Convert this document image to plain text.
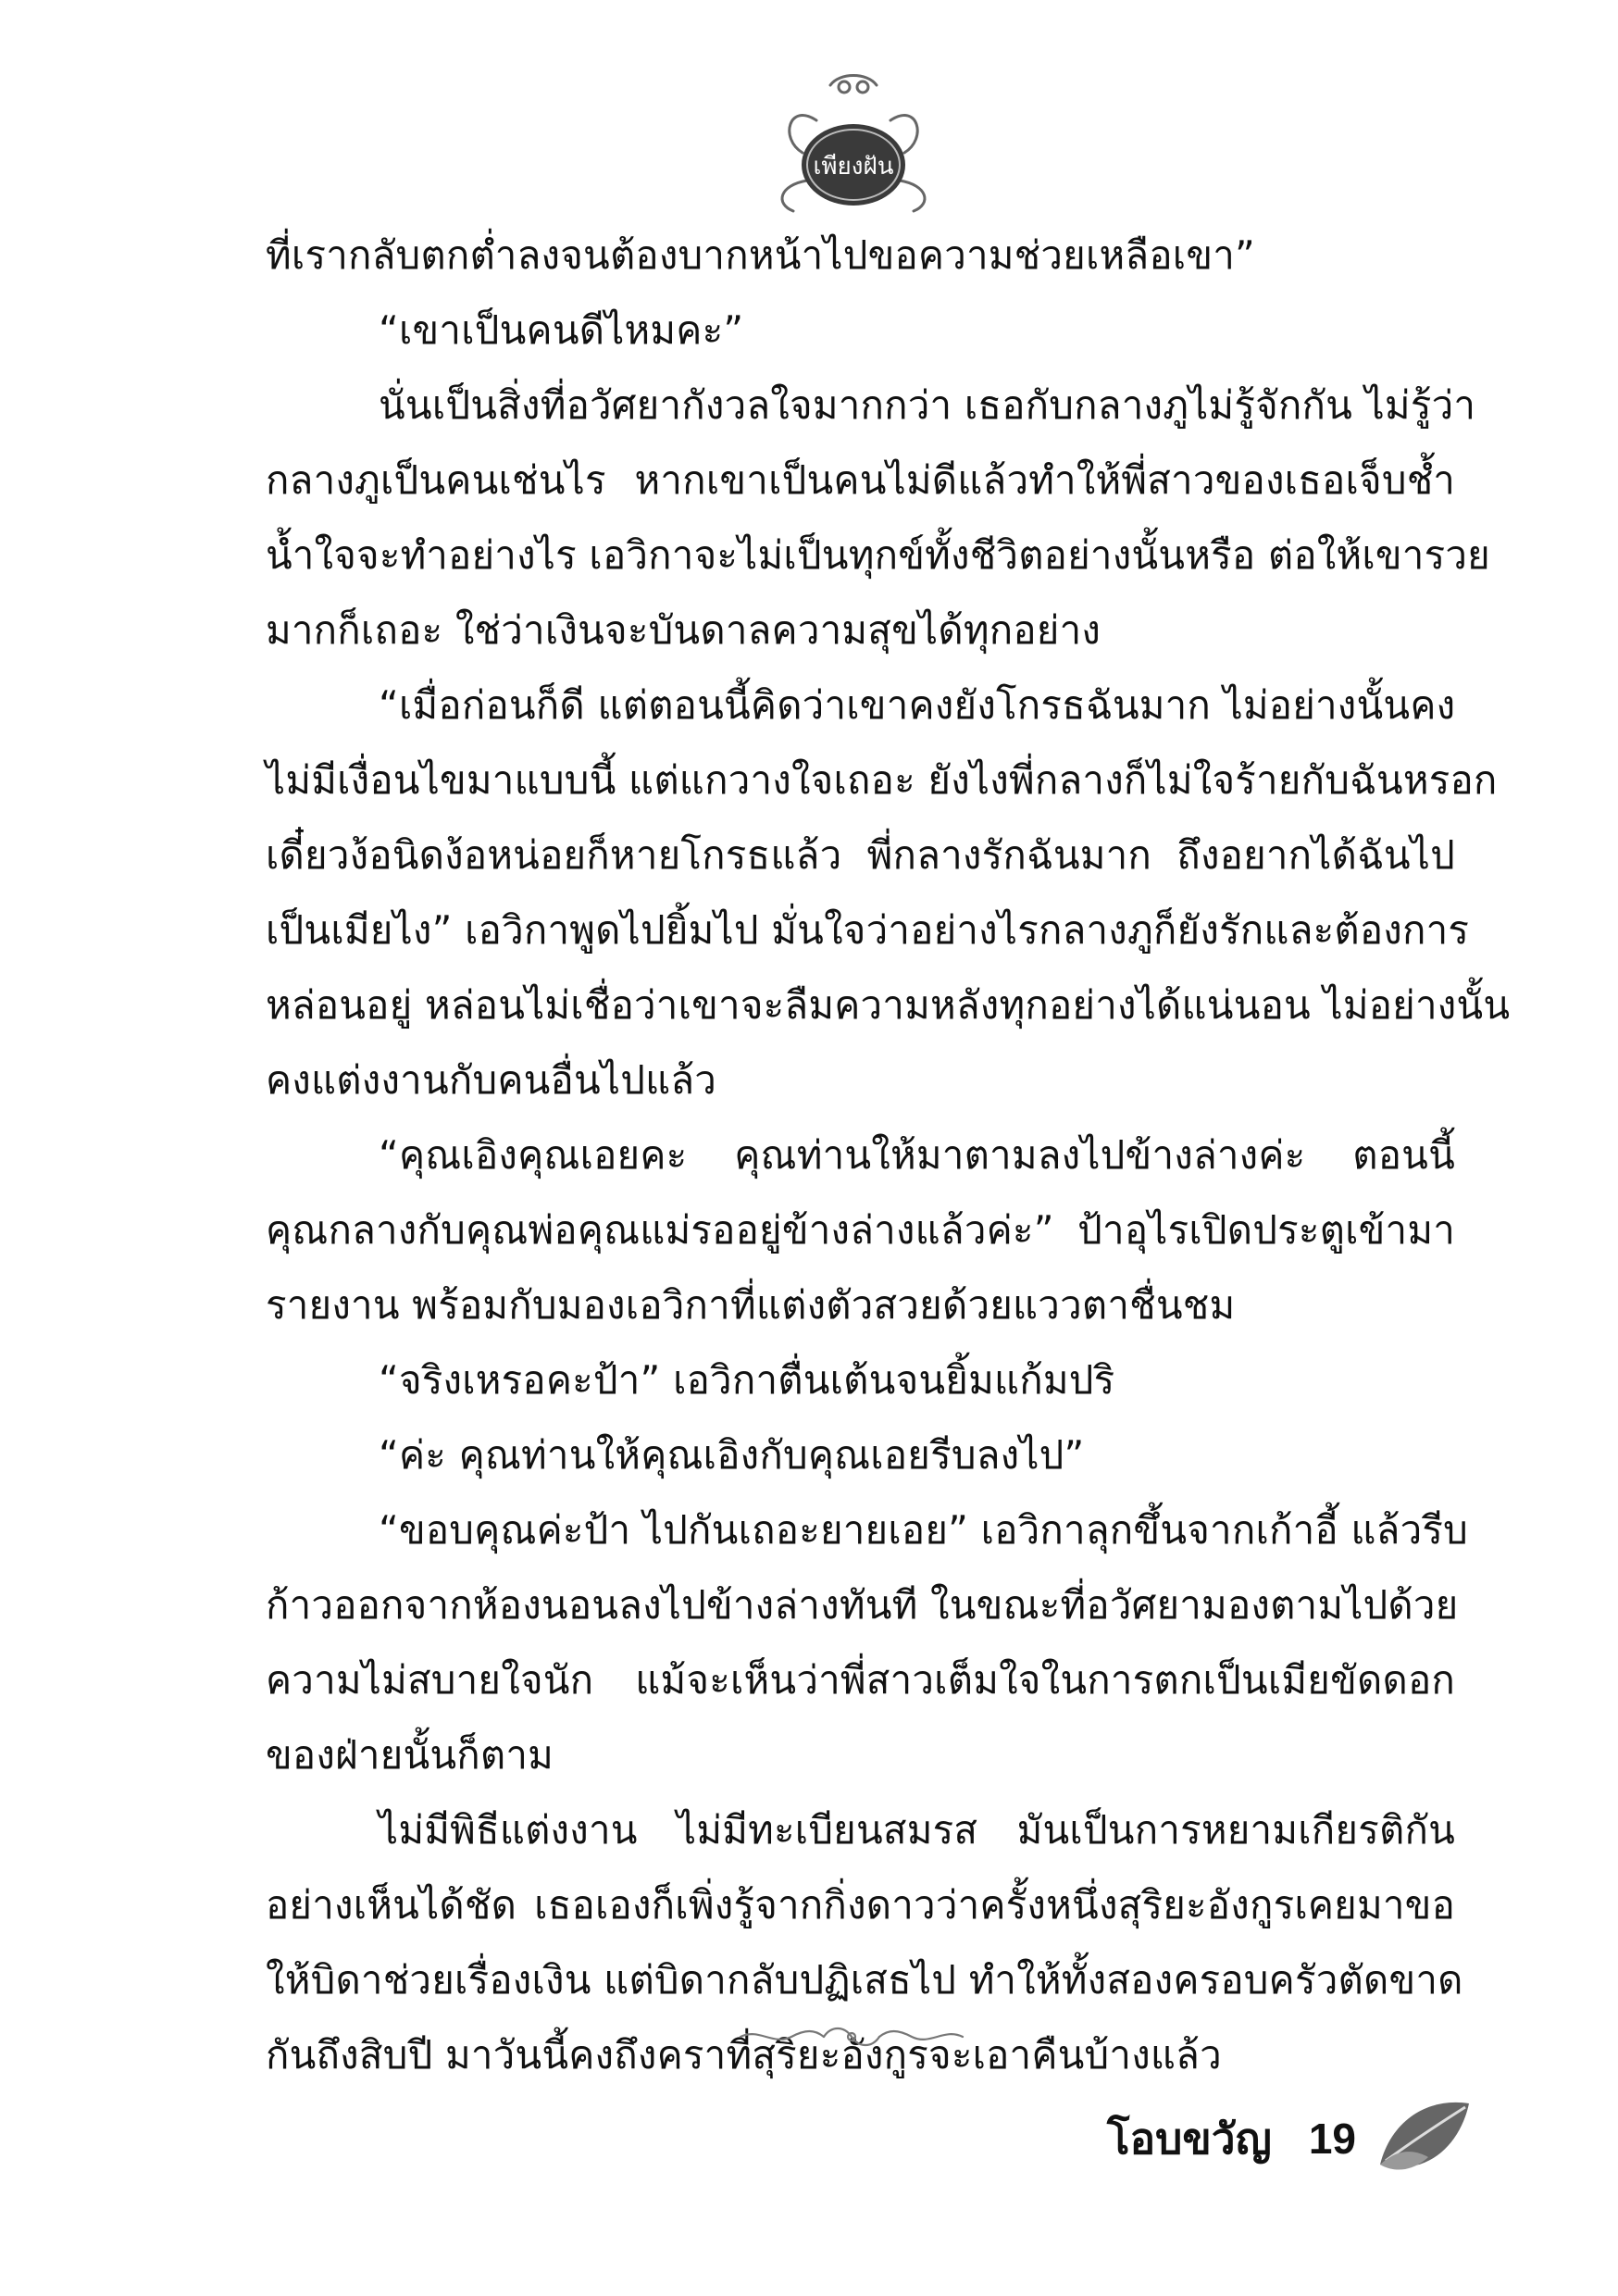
เพียงฝัน
ที่เรากลับตกต่ำลงจนต้องบากหน้าไปขอความช่วยเหลือเขา”
“เขาเป็นคนดีไหมคะ”
นั่นเป็นสิ่งที่อวัศยากังวลใจมากกว่า เธอกับกลางภูไม่รู้จักกัน ไม่รู้ว่า
กลางภูเป็นคนเช่นไร หากเขาเป็นคนไม่ดีแล้วทำให้พี่สาวของเธอเจ็บช้ำ
น้ำใจจะทำอย่างไร เอวิกาจะไม่เป็นทุกข์ทั้งชีวิตอย่างนั้นหรือ ต่อให้เขารวย
มากก็เถอะ ใช่ว่าเงินจะบันดาลความสุขได้ทุกอย่าง
“เมื่อก่อนก็ดี แต่ตอนนี้คิดว่าเขาคงยังโกรธฉันมาก ไม่อย่างนั้นคง
ไม่มีเงื่อนไขมาแบบนี้ แต่แกวางใจเถอะ ยังไงพี่กลางก็ไม่ใจร้ายกับฉันหรอก
เดี๋ยวง้อนิดง้อหน่อยก็หายโกรธแล้ว พี่กลางรักฉันมาก ถึงอยากได้ฉันไป
เป็นเมียไง” เอวิกาพูดไปยิ้มไป มั่นใจว่าอย่างไรกลางภูก็ยังรักและต้องการ
หล่อนอยู่ หล่อนไม่เชื่อว่าเขาจะลืมความหลังทุกอย่างได้แน่นอน ไม่อย่างนั้น
คงแต่งงานกับคนอื่นไปแล้ว
“คุณเอิงคุณเอยคะ คุณท่านให้มาตามลงไปข้างล่างค่ะ ตอนนี้
คุณกลางกับคุณพ่อคุณแม่รออยู่ข้างล่างแล้วค่ะ” ป้าอุไรเปิดประตูเข้ามา
รายงาน พร้อมกับมองเอวิกาที่แต่งตัวสวยด้วยแววตาชื่นชม
“จริงเหรอคะป้า” เอวิกาตื่นเต้นจนยิ้มแก้มปริ
“ค่ะ คุณท่านให้คุณเอิงกับคุณเอยรีบลงไป”
“ขอบคุณค่ะป้า ไปกันเถอะยายเอย” เอวิกาลุกขึ้นจากเก้าอี้ แล้วรีบ
ก้าวออกจากห้องนอนลงไปข้างล่างทันที ในขณะที่อวัศยามองตามไปด้วย
ความไม่สบายใจนัก แม้จะเห็นว่าพี่สาวเต็มใจในการตกเป็นเมียขัดดอก
ของฝ่ายนั้นก็ตาม
ไม่มีพิธีแต่งงาน ไม่มีทะเบียนสมรส มันเป็นการหยามเกียรติกัน
อย่างเห็นได้ชัด เธอเองก็เพิ่งรู้จากกิ่งดาวว่าครั้งหนึ่งสุริยะอังกูรเคยมาขอ
ให้บิดาช่วยเรื่องเงิน แต่บิดากลับปฏิเสธไป ทำให้ทั้งสองครอบครัวตัดขาด
กันถึงสิบปี มาวันนี้คงถึงคราที่สุริยะอังกูรจะเอาคืนบ้างแล้ว
โอบขวัญ 19
